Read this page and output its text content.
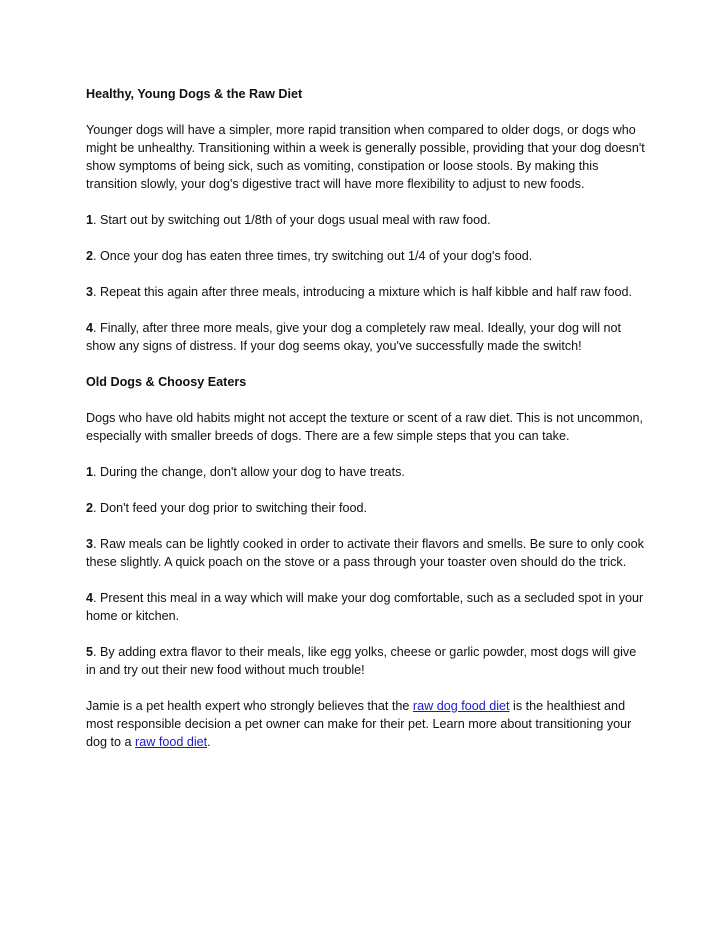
Healthy, Young Dogs & the Raw Diet

Younger dogs will have a simpler, more rapid transition when compared to older dogs, or dogs who might be unhealthy. Transitioning within a week is generally possible, providing that your dog doesn't show symptoms of being sick, such as vomiting, constipation or loose stools. By making this transition slowly, your dog's digestive tract will have more flexibility to adjust to new foods.

1. Start out by switching out 1/8th of your dogs usual meal with raw food.

2. Once your dog has eaten three times, try switching out 1/4 of your dog's food.

3. Repeat this again after three meals, introducing a mixture which is half kibble and half raw food.

4. Finally, after three more meals, give your dog a completely raw meal. Ideally, your dog will not show any signs of distress. If your dog seems okay, you've successfully made the switch!

Old Dogs & Choosy Eaters

Dogs who have old habits might not accept the texture or scent of a raw diet. This is not uncommon, especially with smaller breeds of dogs. There are a few simple steps that you can take.

1. During the change, don't allow your dog to have treats.

2. Don't feed your dog prior to switching their food.

3. Raw meals can be lightly cooked in order to activate their flavors and smells. Be sure to only cook these slightly. A quick poach on the stove or a pass through your toaster oven should do the trick.

4. Present this meal in a way which will make your dog comfortable, such as a secluded spot in your home or kitchen.

5. By adding extra flavor to their meals, like egg yolks, cheese or garlic powder, most dogs will give in and try out their new food without much trouble!

Jamie is a pet health expert who strongly believes that the raw dog food diet is the healthiest and most responsible decision a pet owner can make for their pet. Learn more about transitioning your dog to a raw food diet.
